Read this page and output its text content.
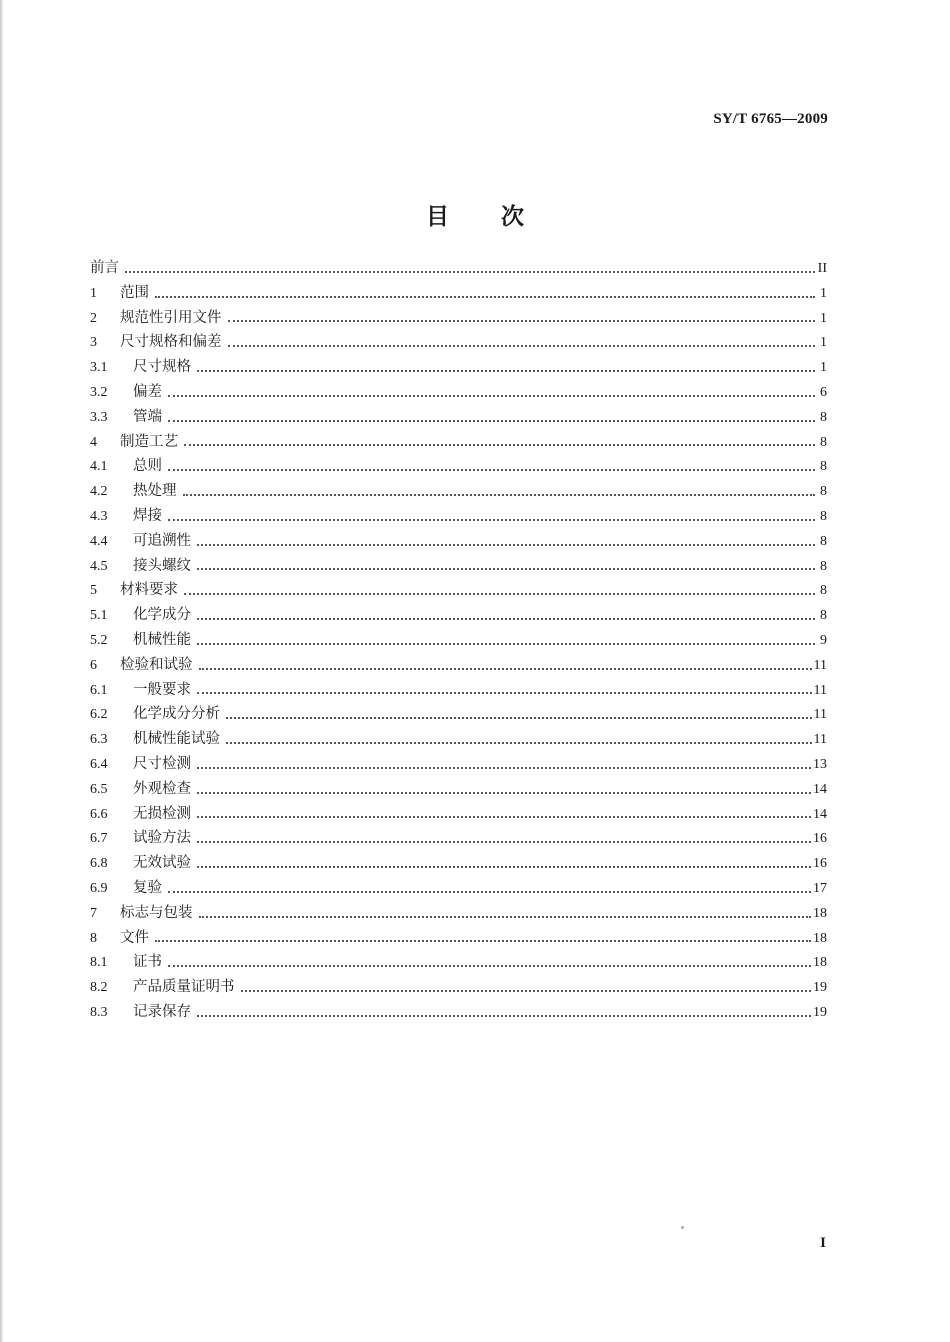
SY/T 6765—2009
目次
前言	II
1	范围	1
2	规范性引用文件	1
3	尺寸规格和偏差	1
3.1	尺寸规格	1
3.2	偏差	6
3.3	管端	8
4	制造工艺	8
4.1	总则	8
4.2	热处理	8
4.3	焊接	8
4.4	可追溯性	8
4.5	接头螺纹	8
5	材料要求	8
5.1	化学成分	8
5.2	机械性能	9
6	检验和试验	11
6.1	一般要求	11
6.2	化学成分分析	11
6.3	机械性能试验	11
6.4	尺寸检测	13
6.5	外观检查	14
6.6	无损检测	14
6.7	试验方法	16
6.8	无效试验	16
6.9	复验	17
7	标志与包装	18
8	文件	18
8.1	证书	18
8.2	产品质量证明书	19
8.3	记录保存	19
I
